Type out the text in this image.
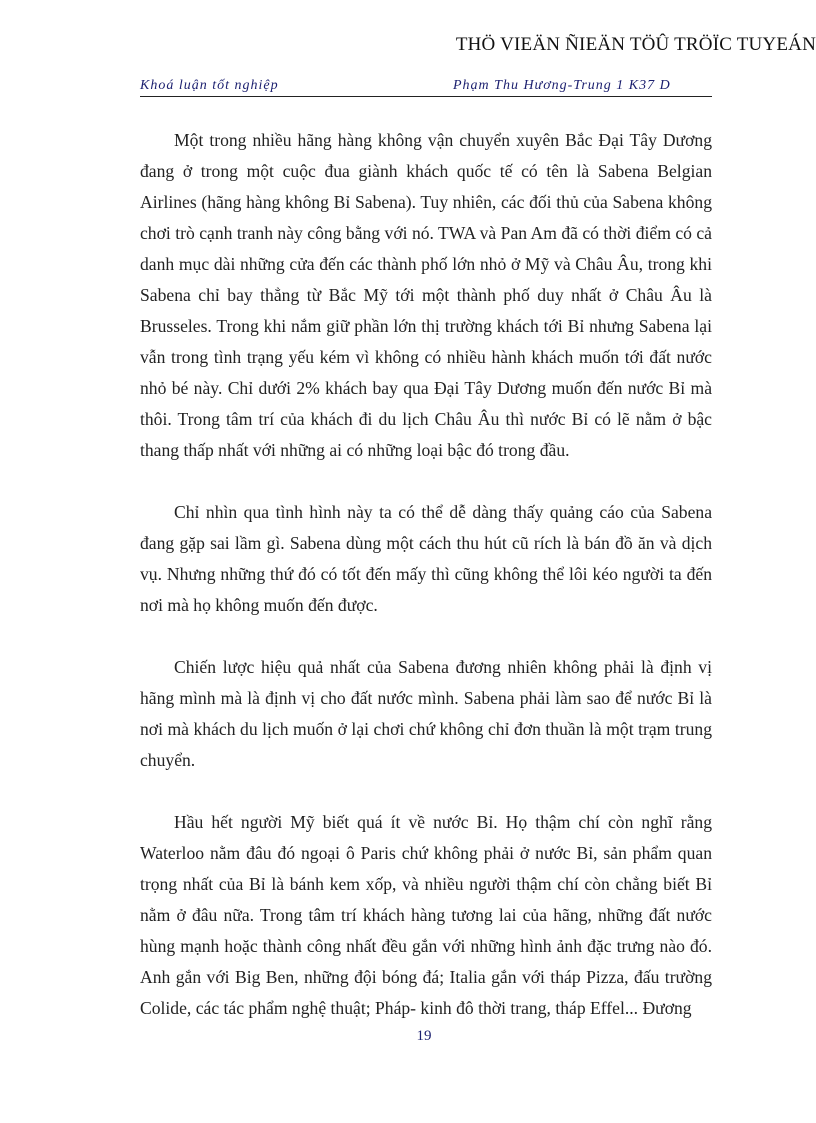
THÖ VIEÄN ÑIEÄN TÖÛ TRÖÏC TUYEÁN
Khoá luận tốt nghiệp	Phạm Thu Hương-Trung 1 K37 D

Một trong nhiều hãng hàng không vận chuyển xuyên Bắc Đại Tây Dương đang ở trong một cuộc đua giành khách quốc tế có tên là Sabena Belgian Airlines (hãng hàng không Bỉ Sabena). Tuy nhiên, các đối thủ của Sabena không chơi trò cạnh tranh này công bằng với nó. TWA và Pan Am đã có thời điểm có cả danh mục dài những cửa đến các thành phố lớn nhỏ ở Mỹ và Châu Âu, trong khi Sabena chỉ bay thẳng từ Bắc Mỹ tới một thành phố duy nhất ở Châu Âu là Brusseles. Trong khi nắm giữ phần lớn thị trường khách tới Bỉ nhưng Sabena lại vẫn trong tình trạng yếu kém vì không có nhiều hành khách muốn tới đất nước nhỏ bé này. Chỉ dưới 2% khách bay qua Đại Tây Dương muốn đến nước Bỉ mà thôi. Trong tâm trí của khách đi du lịch Châu Âu thì nước Bỉ có lẽ nằm ở bậc thang thấp nhất với những ai có những loại bậc đó trong đầu.

Chỉ nhìn qua tình hình này ta có thể dễ dàng thấy quảng cáo của Sabena đang gặp sai lầm gì. Sabena dùng một cách thu hút cũ rích là bán đồ ăn và dịch vụ. Nhưng những thứ đó có tốt đến mấy thì cũng không thể lôi kéo người ta đến nơi mà họ không muốn đến được.

Chiến lược hiệu quả nhất của Sabena đương nhiên không phải là định vị hãng mình mà là định vị cho đất nước mình. Sabena phải làm sao để nước Bỉ là nơi mà khách du lịch muốn ở lại chơi chứ không chỉ đơn thuần là một trạm trung chuyển.

Hầu hết người Mỹ biết quá ít về nước Bỉ. Họ thậm chí còn nghĩ rằng Waterloo nằm đâu đó ngoại ô Paris chứ không phải ở nước Bỉ, sản phẩm quan trọng nhất của Bỉ là bánh kem xốp, và nhiều người thậm chí còn chẳng biết Bỉ nằm ở đâu nữa. Trong tâm trí khách hàng tương lai của hãng, những đất nước hùng mạnh hoặc thành công nhất đều gắn với những hình ảnh đặc trưng nào đó. Anh gắn với Big Ben, những đội bóng đá; Italia gắn với tháp Pizza, đấu trường Colide, các tác phẩm nghệ thuật; Pháp- kinh đô thời trang, tháp Effel... Đương

19
